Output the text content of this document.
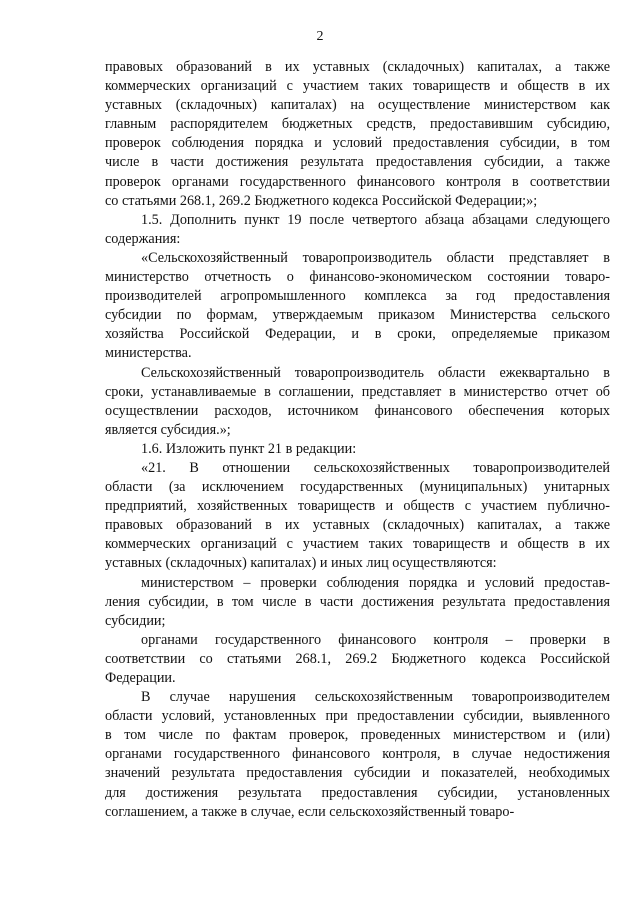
2
правовых образований в их уставных (складочных) капиталах, а также
коммерческих организаций с участием таких товариществ и обществ в их
уставных (складочных) капиталах) на осуществление министерством как
главным распорядителем бюджетных средств, предоставившим субсидию,
проверок соблюдения порядка и условий предоставления субсидии, в том
числе в части достижения результата предоставления субсидии, а также
проверок органами государственного финансового контроля в соответствии
со статьями 268.1, 269.2 Бюджетного кодекса Российской Федерации;»;
1.5. Дополнить пункт 19 после четвертого абзаца абзацами следующего
содержания:
«Сельскохозяйственный товаропроизводитель области представляет в
министерство отчетность о финансово-экономическом состоянии товаро-
производителей агропромышленного комплекса за год предоставления
субсидии по формам, утверждаемым приказом Министерства сельского
хозяйства Российской Федерации, и в сроки, определяемые приказом
министерства.
Сельскохозяйственный товаропроизводитель области ежеквартально в
сроки, устанавливаемые в соглашении, представляет в министерство отчет об
осуществлении расходов, источником финансового обеспечения которых
является субсидия.»;
1.6. Изложить пункт 21 в редакции:
«21. В отношении сельскохозяйственных товаропроизводителей
области (за исключением государственных (муниципальных) унитарных
предприятий, хозяйственных товариществ и обществ с участием публично-
правовых образований в их уставных (складочных) капиталах, а также
коммерческих организаций с участием таких товариществ и обществ в их
уставных (складочных) капиталах) и иных лиц осуществляются:
министерством – проверки соблюдения порядка и условий предостав-
ления субсидии, в том числе в части достижения результата предоставления
субсидии;
органами государственного финансового контроля – проверки в
соответствии со статьями 268.1, 269.2 Бюджетного кодекса Российской
Федерации.
В случае нарушения сельскохозяйственным товаропроизводителем
области условий, установленных при предоставлении субсидии, выявленного
в том числе по фактам проверок, проведенных министерством и (или)
органами государственного финансового контроля, в случае недостижения
значений результата предоставления субсидии и показателей, необходимых
для достижения результата предоставления субсидии, установленных
соглашением, а также в случае, если сельскохозяйственный товаро-
